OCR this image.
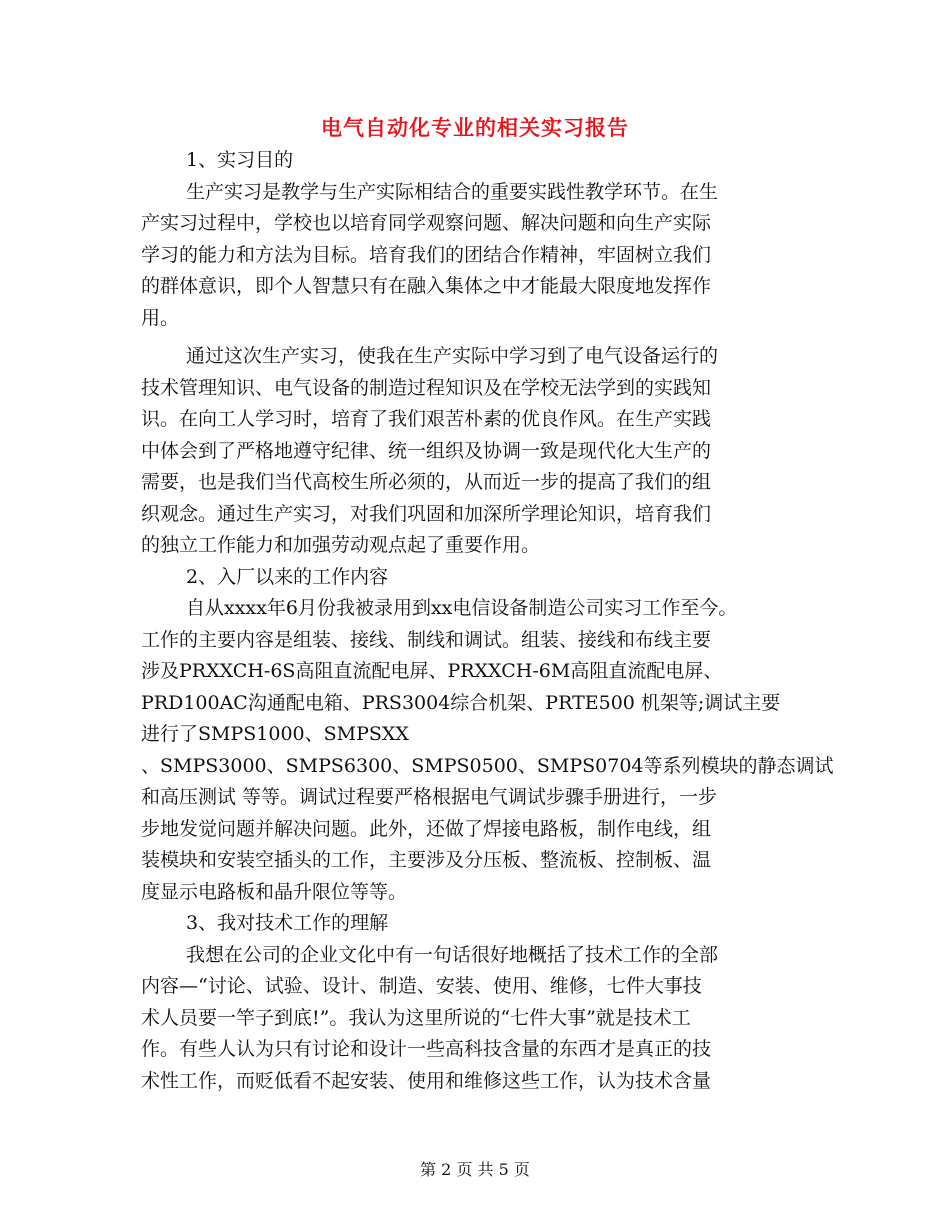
电气自动化专业的相关实习报告
1、实习目的
生产实习是教学与生产实际相结合的重要实践性教学环节。在生
产实习过程中，学校也以培育同学观察问题、解决问题和向生产实际
学习的能力和方法为目标。培育我们的团结合作精神，牢固树立我们
的群体意识，即个人智慧只有在融入集体之中才能最大限度地发挥作
用。
通过这次生产实习，使我在生产实际中学习到了电气设备运行的
技术管理知识、电气设备的制造过程知识及在学校无法学到的实践知
识。在向工人学习时，培育了我们艰苦朴素的优良作风。在生产实践
中体会到了严格地遵守纪律、统一组织及协调一致是现代化大生产的
需要，也是我们当代高校生所必须的，从而近一步的提高了我们的组
织观念。通过生产实习，对我们巩固和加深所学理论知识，培育我们
的独立工作能力和加强劳动观点起了重要作用。
2、入厂以来的工作内容
自从xxxx年6月份我被录用到xx电信设备制造公司实习工作至今。
工作的主要内容是组装、接线、制线和调试。组装、接线和布线主要
涉及PRXXCH-6S高阻直流配电屏、PRXXCH-6M高阻直流配电屏、
PRD100AC沟通配电箱、PRS3004综合机架、PRTE500 机架等;调试主要
进行了SMPS1000、SMPSXX
、SMPS3000、SMPS6300、SMPS0500、SMPS0704等系列模块的静态调试
和高压测试 等等。调试过程要严格根据电气调试步骤手册进行，一步
步地发觉问题并解决问题。此外，还做了焊接电路板，制作电线，组
装模块和安装空插头的工作，主要涉及分压板、整流板、控制板、温
度显示电路板和晶升限位等等。
3、我对技术工作的理解
我想在公司的企业文化中有一句话很好地概括了技术工作的全部
内容—“讨论、试验、设计、制造、安装、使用、维修，七件大事技
术人员要一竿子到底!”。我认为这里所说的“七件大事”就是技术工
作。有些人认为只有讨论和设计一些高科技含量的东西才是真正的技
术性工作，而贬低看不起安装、使用和维修这些工作，认为技术含量
第 2 页 共 5 页
